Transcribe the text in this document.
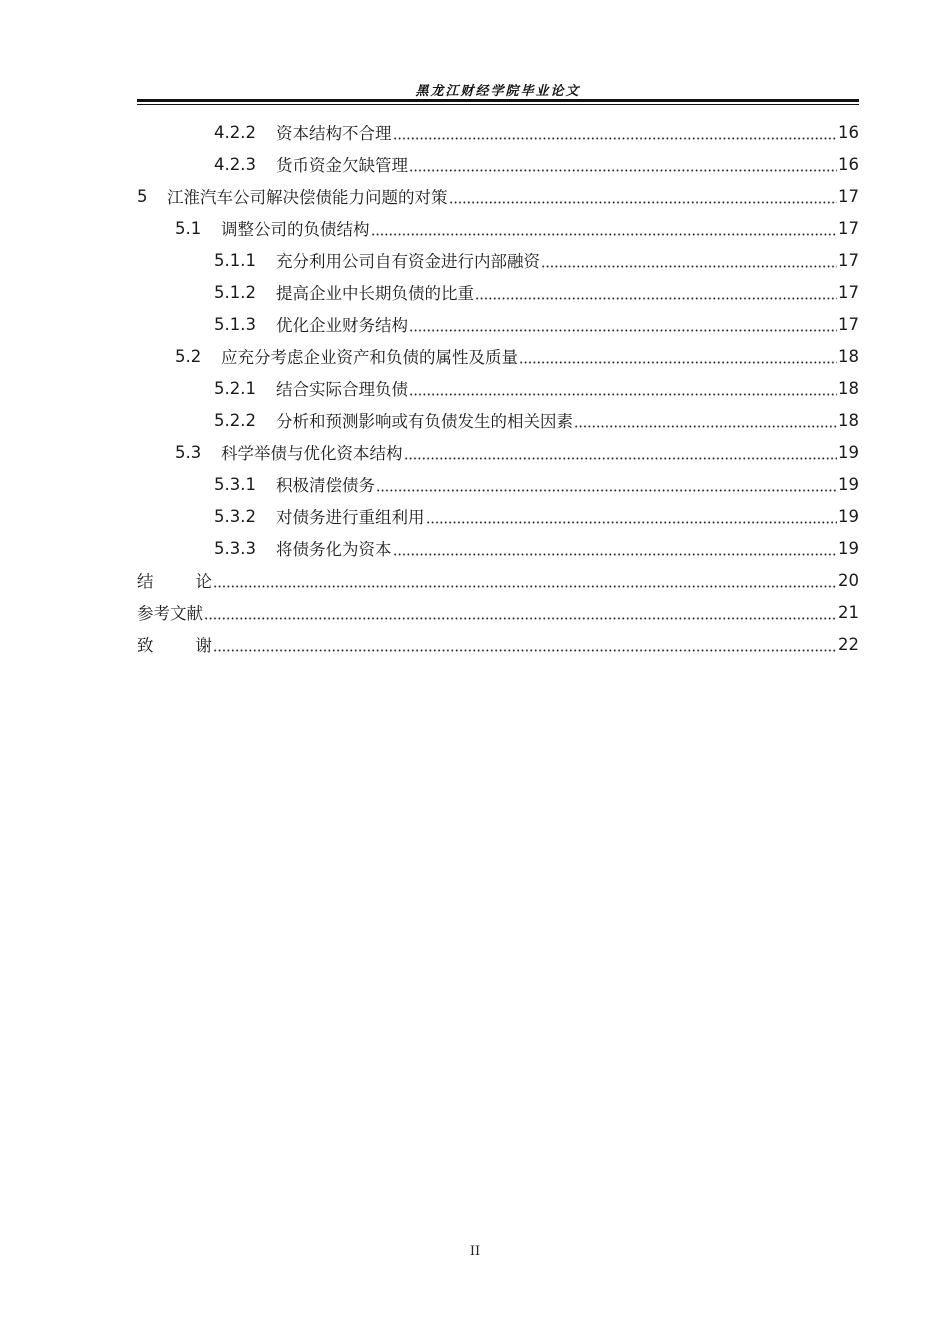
黑龙江财经学院毕业论文
4.2.2	资本结构不合理	16
4.2.3	货币资金欠缺管理	16
5	江淮汽车公司解决偿债能力问题的对策	17
5.1	调整公司的负债结构	17
5.1.1	充分利用公司自有资金进行内部融资	17
5.1.2	提高企业中长期负债的比重	17
5.1.3	优化企业财务结构	17
5.2	应充分考虑企业资产和负债的属性及质量	18
5.2.1	结合实际合理负债	18
5.2.2	分析和预测影响或有负债发生的相关因素	18
5.3	科学举债与优化资本结构	19
5.3.1	积极清偿债务	19
5.3.2	对债务进行重组利用	19
5.3.3	将债务化为资本	19
结	论	20
参考文献	21
致	谢	22
II
